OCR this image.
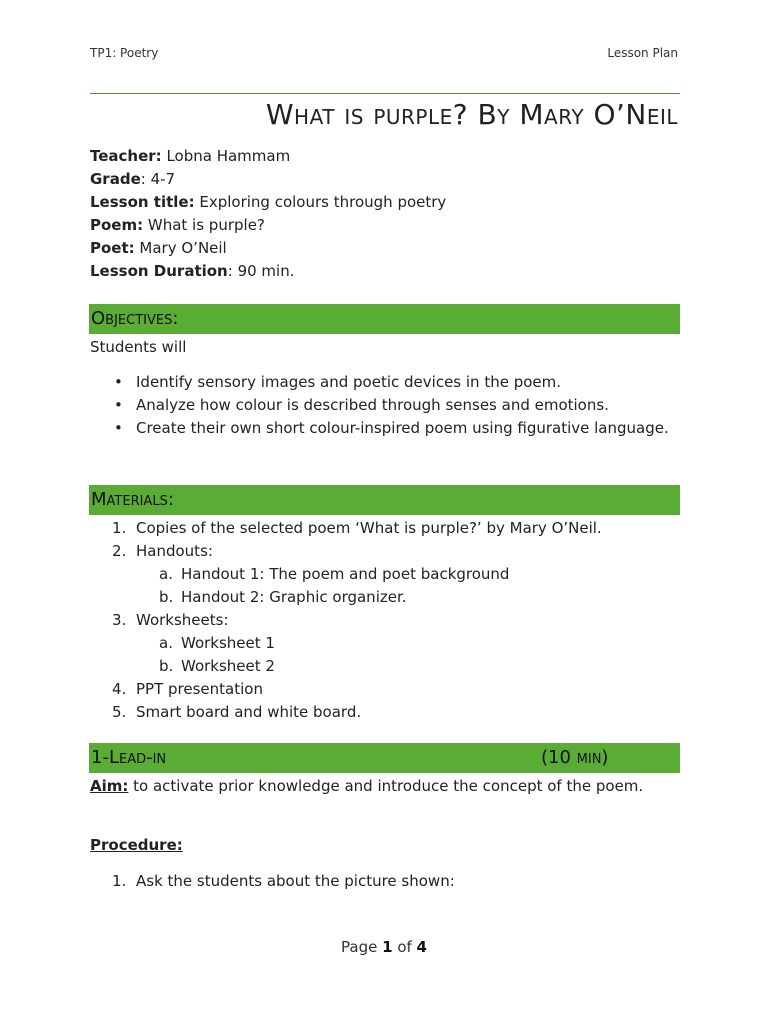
TP1: Poetry	Lesson Plan
What is purple? By Mary O’Neil
Teacher: Lobna Hammam
Grade: 4-7
Lesson title: Exploring colours through poetry
Poem: What is purple?
Poet: Mary O’Neil
Lesson Duration: 90 min.
Objectives:
Students will
• Identify sensory images and poetic devices in the poem.
• Analyze how colour is described through senses and emotions.
• Create their own short colour-inspired poem using figurative language.
Materials:
1. Copies of the selected poem ‘What is purple?’ by Mary O’Neil.
2. Handouts:
a. Handout 1: The poem and poet background
b. Handout 2: Graphic organizer.
3. Worksheets:
a. Worksheet 1
b. Worksheet 2
4. PPT presentation
5. Smart board and white board.
1-Lead-in	(10 min)
Aim: to activate prior knowledge and introduce the concept of the poem.
Procedure:
1. Ask the students about the picture shown:
Page 1 of 4
